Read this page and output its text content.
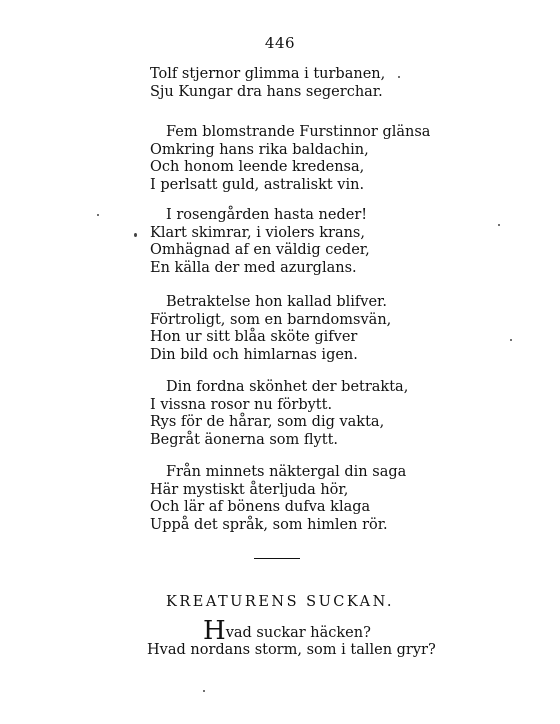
446
Tolf stjernor glimma i turbanen,
Sju Kungar dra hans segerchar.
Fem blomstrande Furstinnor glänsa
Omkring hans rika baldachin,
Och honom leende kredensa,
I perlsatt guld, astraliskt vin.
I rosengården hasta neder!
Klart skimrar, i violers krans,
Omhägnad af en väldig ceder,
En källa der med azurglans.
Betraktelse hon kallad blifver.
Förtroligt, som en barndomsvän,
Hon ur sitt blåa sköte gifver
Din bild och himlarnas igen.
Din fordna skönhet der betrakta,
I vissna rosor nu förbytt.
Rys för de hårar, som dig vakta,
Begråt äonerna som flytt.
Från minnets näktergal din saga
Här mystiskt återljuda hör,
Och lär af bönens dufva klaga
Uppå det språk, som himlen rör.
KREATURENS SUCKAN.
Hvad suckar häcken?
Hvad nordans storm, som i tallen gryr?
